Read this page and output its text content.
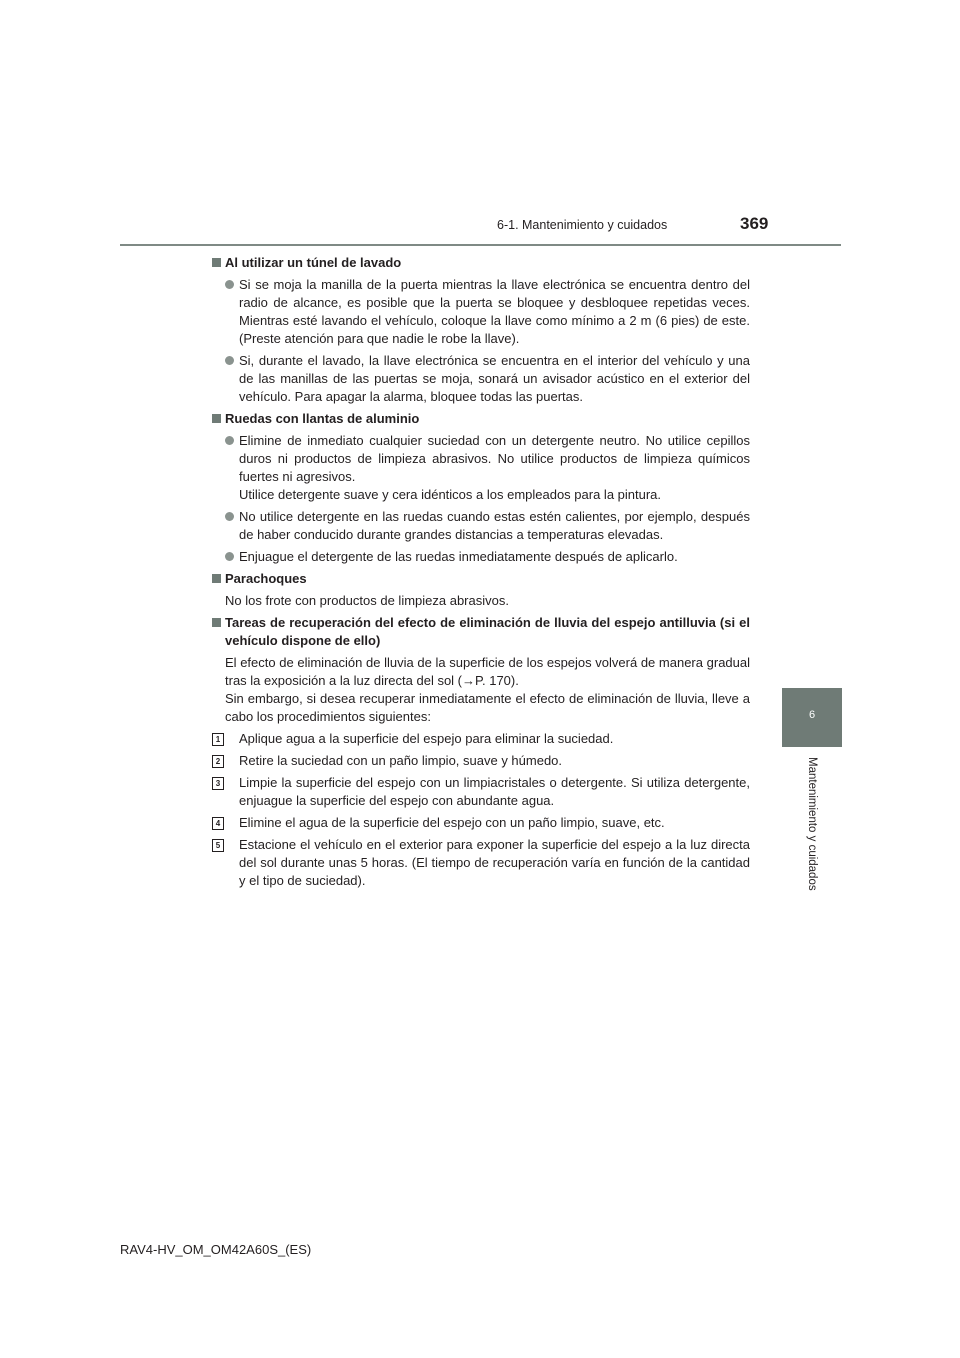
6-1. Mantenimiento y cuidados	369
6
Mantenimiento y cuidados
Al utilizar un túnel de lavado
Si se moja la manilla de la puerta mientras la llave electrónica se encuentra dentro del radio de alcance, es posible que la puerta se bloquee y desbloquee repetidas veces. Mientras esté lavando el vehículo, coloque la llave como mínimo a 2 m (6 pies) de este. (Preste atención para que nadie le robe la llave).
Si, durante el lavado, la llave electrónica se encuentra en el interior del vehículo y una de las manillas de las puertas se moja, sonará un avisador acústico en el exterior del vehículo. Para apagar la alarma, bloquee todas las puertas.
Ruedas con llantas de aluminio
Elimine de inmediato cualquier suciedad con un detergente neutro. No utilice cepillos duros ni productos de limpieza abrasivos. No utilice productos de limpieza químicos fuertes ni agresivos.
Utilice detergente suave y cera idénticos a los empleados para la pintura.
No utilice detergente en las ruedas cuando estas estén calientes, por ejemplo, después de haber conducido durante grandes distancias a temperaturas elevadas.
Enjuague el detergente de las ruedas inmediatamente después de aplicarlo.
Parachoques
No los frote con productos de limpieza abrasivos.
Tareas de recuperación del efecto de eliminación de lluvia del espejo antilluvia (si el vehículo dispone de ello)
El efecto de eliminación de lluvia de la superficie de los espejos volverá de manera gradual tras la exposición a la luz directa del sol (→P. 170).
Sin embargo, si desea recuperar inmediatamente el efecto de eliminación de lluvia, lleve a cabo los procedimientos siguientes:
1 Aplique agua a la superficie del espejo para eliminar la suciedad.
2 Retire la suciedad con un paño limpio, suave y húmedo.
3 Limpie la superficie del espejo con un limpiacristales o detergente. Si utiliza detergente, enjuague la superficie del espejo con abundante agua.
4 Elimine el agua de la superficie del espejo con un paño limpio, suave, etc.
5 Estacione el vehículo en el exterior para exponer la superficie del espejo a la luz directa del sol durante unas 5 horas. (El tiempo de recuperación varía en función de la cantidad y el tipo de suciedad).
RAV4-HV_OM_OM42A60S_(ES)
